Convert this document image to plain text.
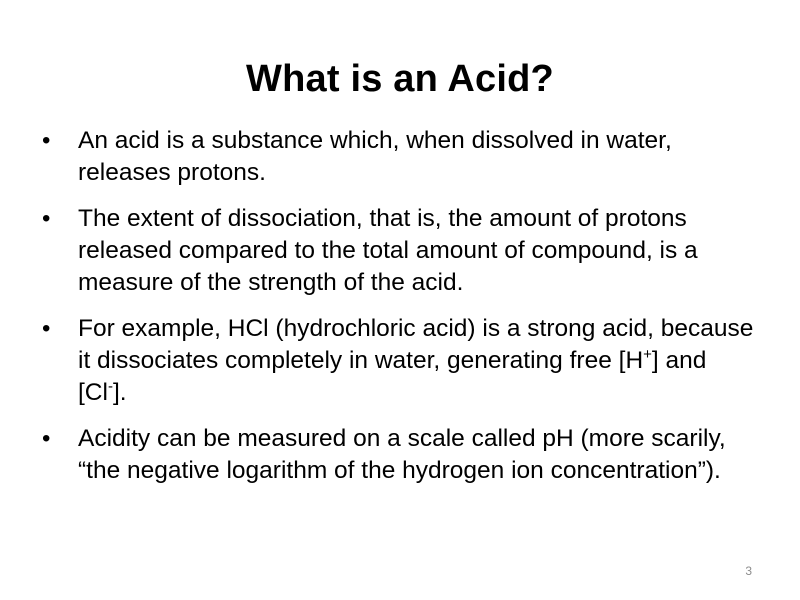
What is an Acid?
• An acid is a substance which, when dissolved in water, releases protons.
• The extent of dissociation, that is, the amount of protons released compared to the total amount of compound, is a measure of the strength of the acid.
• For example, HCl (hydrochloric acid) is a strong acid, because it dissociates completely in water, generating free [H+] and [Cl-].
• Acidity can be measured on a scale called pH (more scarily, “the negative logarithm of the hydrogen ion concentration”).
3
